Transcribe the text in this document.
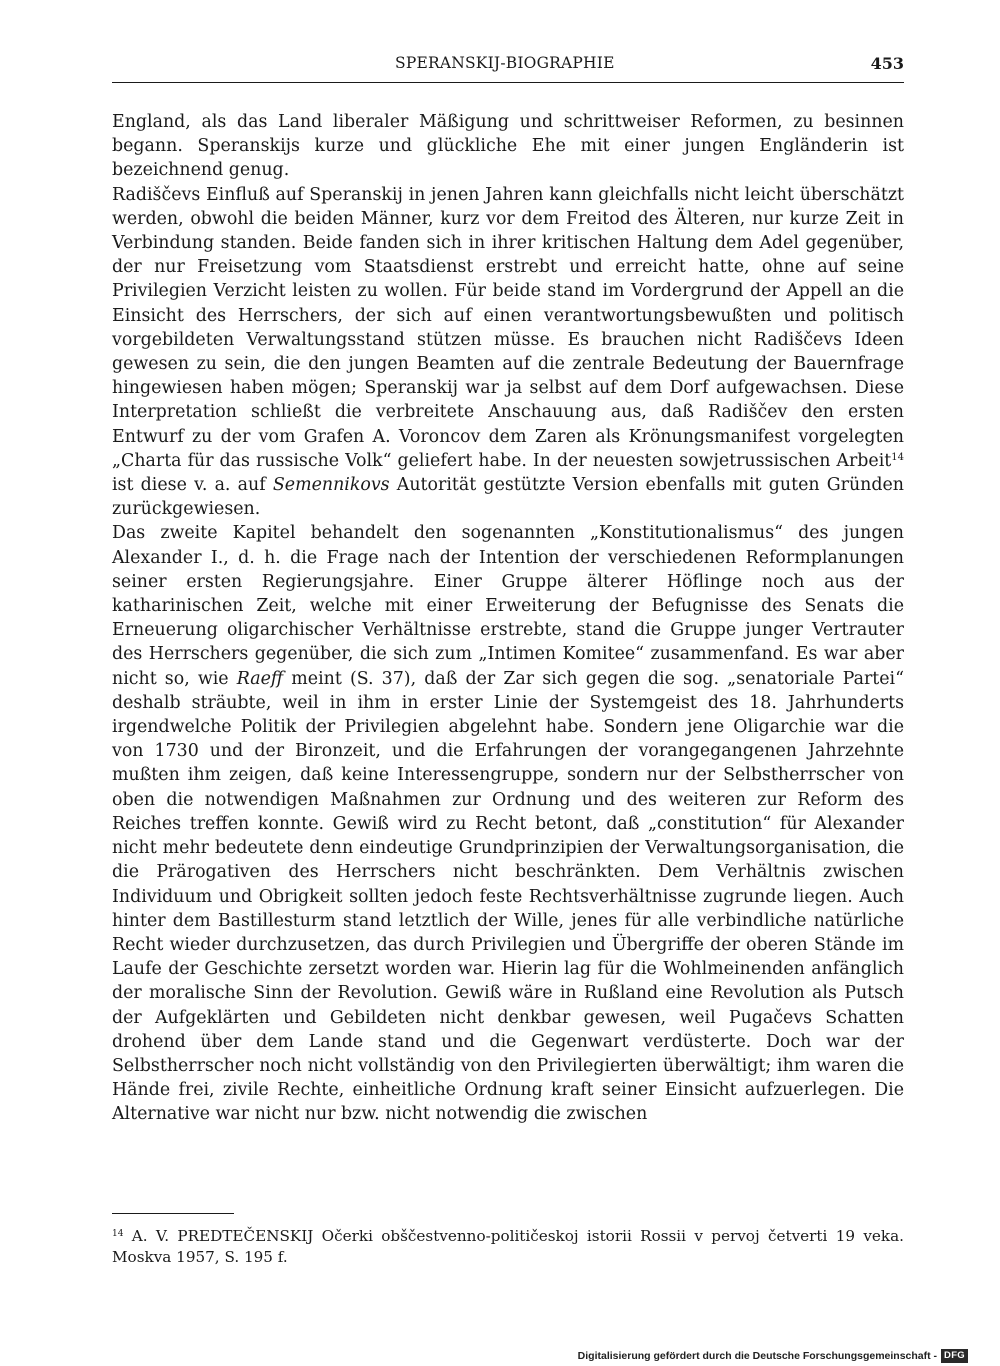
SPERANSKIJ-BIOGRAPHIE	453

England, als das Land liberaler Mäßigung und schrittweiser Reformen, zu besinnen begann. Speranskijs kurze und glückliche Ehe mit einer jungen Engländerin ist bezeichnend genug.

Radiščevs Einfluß auf Speranskij in jenen Jahren kann gleichfalls nicht leicht überschätzt werden, obwohl die beiden Männer, kurz vor dem Freitod des Älteren, nur kurze Zeit in Verbindung standen. Beide fanden sich in ihrer kritischen Haltung dem Adel gegenüber, der nur Freisetzung vom Staatsdienst erstrebt und erreicht hatte, ohne auf seine Privilegien Verzicht leisten zu wollen. Für beide stand im Vordergrund der Appell an die Einsicht des Herrschers, der sich auf einen verantwortungsbewußten und politisch vorgebildeten Verwaltungsstand stützen müsse. Es brauchen nicht Radiščevs Ideen gewesen zu sein, die den jungen Beamten auf die zentrale Bedeutung der Bauernfrage hingewiesen haben mögen; Speranskij war ja selbst auf dem Dorf aufgewachsen. Diese Interpretation schließt die verbreitete Anschauung aus, daß Radiščev den ersten Entwurf zu der vom Grafen A. Voroncov dem Zaren als Krönungsmanifest vorgelegten „Charta für das russische Volk“ geliefert habe. In der neuesten sowjetrussischen Arbeit$^{14}$ ist diese v. a. auf Semennikovs Autorität gestützte Version ebenfalls mit guten Gründen zurückgewiesen.

Das zweite Kapitel behandelt den sogenannten „Konstitutionalismus“ des jungen Alexander I., d. h. die Frage nach der Intention der verschiedenen Reformplanungen seiner ersten Regierungsjahre. Einer Gruppe älterer Höflinge noch aus der katharinischen Zeit, welche mit einer Erweiterung der Befugnisse des Senats die Erneuerung oligarchischer Verhältnisse erstrebte, stand die Gruppe junger Vertrauter des Herrschers gegenüber, die sich zum „Intimen Komitee“ zusammenfand. Es war aber nicht so, wie Raeff meint (S. 37), daß der Zar sich gegen die sog. „senatoriale Partei“ deshalb sträubte, weil in ihm in erster Linie der Systemgeist des 18. Jahrhunderts irgendwelche Politik der Privilegien abgelehnt habe. Sondern jene Oligarchie war die von 1730 und der Bironzeit, und die Erfahrungen der vorangegangenen Jahrzehnte mußten ihm zeigen, daß keine Interessengruppe, sondern nur der Selbstherrscher von oben die notwendigen Maßnahmen zur Ordnung und des weiteren zur Reform des Reiches treffen konnte. Gewiß wird zu Recht betont, daß „constitution“ für Alexander nicht mehr bedeutete denn eindeutige Grundprinzipien der Verwaltungsorganisation, die die Prärogativen des Herrschers nicht beschränkten. Dem Verhältnis zwischen Individuum und Obrigkeit sollten jedoch feste Rechtsverhältnisse zugrunde liegen. Auch hinter dem Bastillesturm stand letztlich der Wille, jenes für alle verbindliche natürliche Recht wieder durchzusetzen, das durch Privilegien und Übergriffe der oberen Stände im Laufe der Geschichte zersetzt worden war. Hierin lag für die Wohlmeinenden anfänglich der moralische Sinn der Revolution. Gewiß wäre in Rußland eine Revolution als Putsch der Aufgeklärten und Gebildeten nicht denkbar gewesen, weil Pugačevs Schatten drohend über dem Lande stand und die Gegenwart verdüsterte. Doch war der Selbstherrscher noch nicht vollständig von den Privilegierten überwältigt; ihm waren die Hände frei, zivile Rechte, einheitliche Ordnung kraft seiner Einsicht aufzuerlegen. Die Alternative war nicht nur bzw. nicht notwendig die zwischen

$^{14}$ A. V. PREDTEČENSKIJ Očerki obščestvenno-političeskoj istorii Rossii v pervoj četverti 19 veka. Moskva 1957, S. 195 f.

Digitalisierung gefördert durch die Deutsche Forschungsgemeinschaft - DFG
